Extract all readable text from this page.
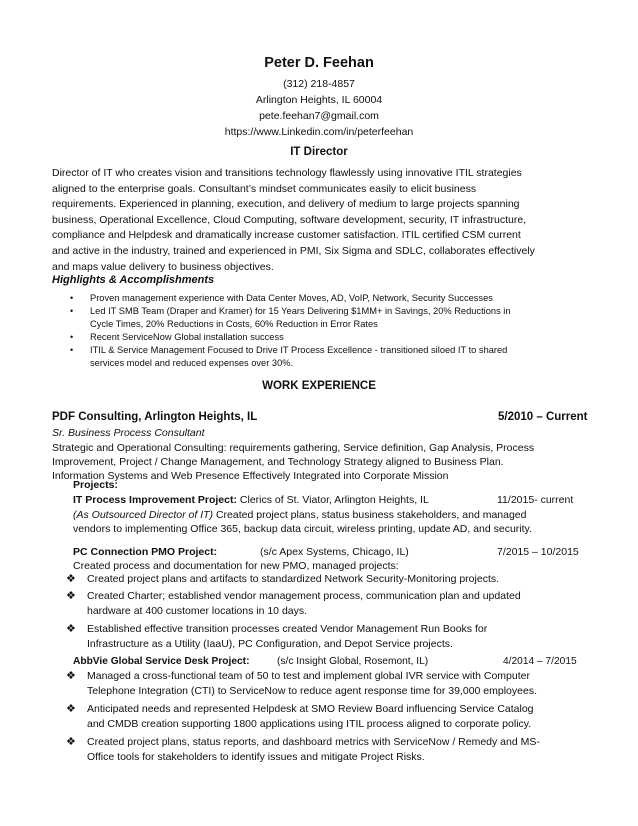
Peter D. Feehan
(312) 218-4857
Arlington Heights, IL 60004
pete.feehan7@gmail.com
https://www.Linkedin.com/in/peterfeehan
IT Director
Director of IT who creates vision and transitions technology flawlessly using innovative ITIL strategies
aligned to the enterprise goals. Consultant’s mindset communicates easily to elicit business
requirements. Experienced in planning, execution, and delivery of medium to large projects spanning
business, Operational Excellence, Cloud Computing, software development, security, IT infrastructure,
compliance and Helpdesk and dramatically increase customer satisfaction. ITIL certified CSM current
and active in the industry, trained and experienced in PMI, Six Sigma and SDLC, collaborates effectively
and maps value delivery to business objectives.
Highlights & Accomplishments
• Proven management experience with Data Center Moves, AD, VoIP, Network, Security Successes
• Led IT SMB Team (Draper and Kramer) for 15 Years Delivering $1MM+ in Savings, 20% Reductions in
Cycle Times, 20% Reductions in Costs, 60% Reduction in Error Rates
• Recent ServiceNow Global installation success
• ITIL & Service Management Focused to Drive IT Process Excellence - transitioned siloed IT to shared
services model and reduced expenses over 30%.
WORK EXPERIENCE
PDF Consulting, Arlington Heights, IL	5/2010 – Current
Sr. Business Process Consultant
Strategic and Operational Consulting: requirements gathering, Service definition, Gap Analysis, Process
Improvement, Project / Change Management, and Technology Strategy aligned to Business Plan.
Information Systems and Web Presence Effectively Integrated into Corporate Mission
Projects:
IT Process Improvement Project: Clerics of St. Viator, Arlington Heights, IL	11/2015- current
(As Outsourced Director of IT) Created project plans, status business stakeholders, and managed
vendors to implementing Office 365, backup data circuit, wireless printing, update AD, and security.
PC Connection PMO Project:	(s/c Apex Systems, Chicago, IL)	7/2015 – 10/2015
Created process and documentation for new PMO, managed projects:
❖ Created project plans and artifacts to standardized Network Security-Monitoring projects.
❖ Created Charter; established vendor management process, communication plan and updated
hardware at 400 customer locations in 10 days.
❖ Established effective transition processes created Vendor Management Run Books for
Infrastructure as a Utility (IaaU), PC Configuration, and Depot Service projects.
AbbVie Global Service Desk Project:	(s/c Insight Global, Rosemont, IL)	4/2014 – 7/2015
❖ Managed a cross-functional team of 50 to test and implement global IVR service with Computer
Telephone Integration (CTI) to ServiceNow to reduce agent response time for 39,000 employees.
❖ Anticipated needs and represented Helpdesk at SMO Review Board influencing Service Catalog
and CMDB creation supporting 1800 applications using ITIL process aligned to corporate policy.
❖ Created project plans, status reports, and dashboard metrics with ServiceNow / Remedy and MS-
Office tools for stakeholders to identify issues and mitigate Project Risks.
